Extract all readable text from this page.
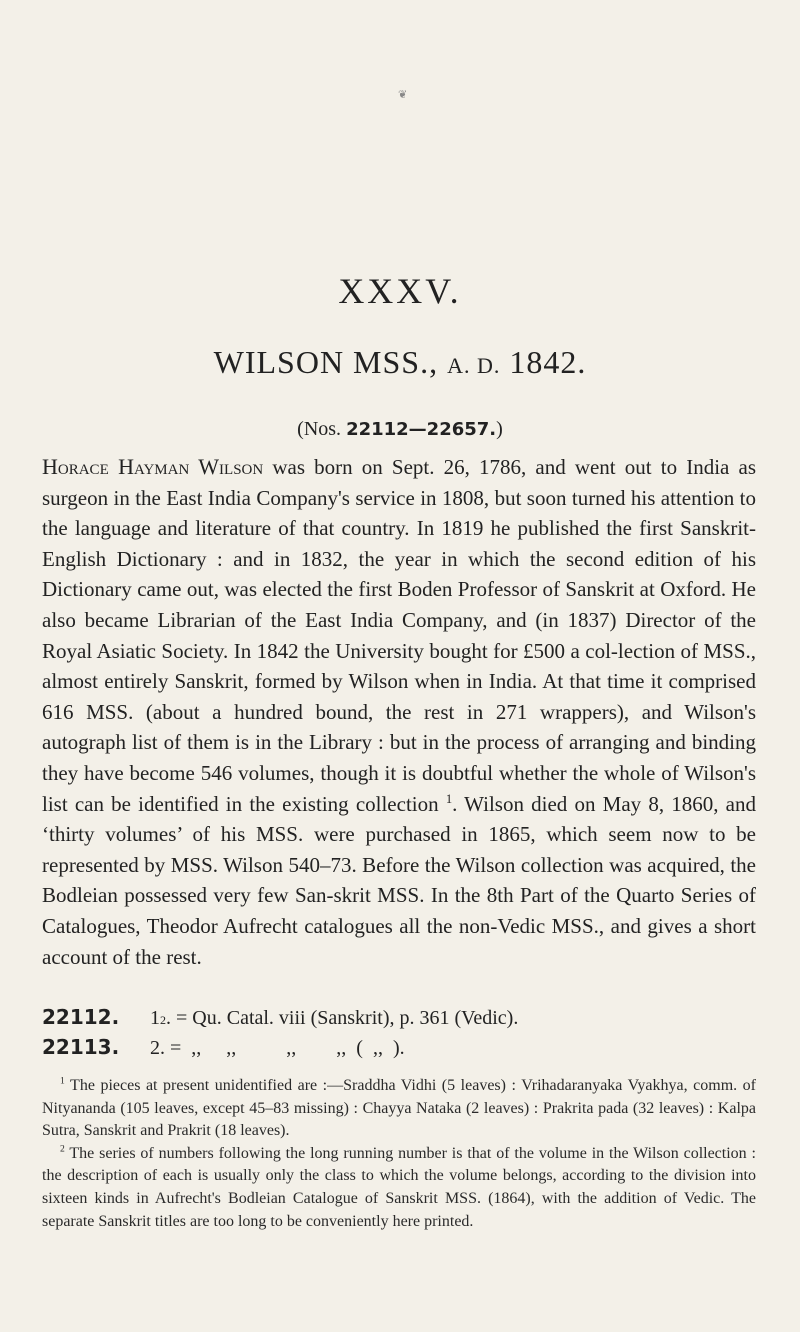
❦
XXXV.
WILSON MSS., A. D. 1842.
(Nos. 22112—22657.)
Horace Hayman Wilson was born on Sept. 26, 1786, and went out to India as surgeon in the East India Company's service in 1808, but soon turned his attention to the language and literature of that country. In 1819 he published the first Sanskrit-English Dictionary : and in 1832, the year in which the second edition of his Dictionary came out, was elected the first Boden Professor of Sanskrit at Oxford. He also became Librarian of the East India Company, and (in 1837) Director of the Royal Asiatic Society. In 1842 the University bought for £500 a col-lection of MSS., almost entirely Sanskrit, formed by Wilson when in India. At that time it comprised 616 MSS. (about a hundred bound, the rest in 271 wrappers), and Wilson's autograph list of them is in the Library : but in the process of arranging and binding they have become 546 volumes, though it is doubtful whether the whole of Wilson's list can be identified in the existing collection $^1$. Wilson died on May 8, 1860, and ‘thirty volumes’ of his MSS. were purchased in 1865, which seem now to be represented by MSS. Wilson 540–73. Before the Wilson collection was acquired, the Bodleian possessed very few San-skrit MSS. In the 8th Part of the Quarto Series of Catalogues, Theodor Aufrecht catalogues all the non-Vedic MSS., and gives a short account of the rest.
22112.	1 2 . = Qu. Catal. viii (Sanskrit), p. 361 (Vedic).
22113.	2. =  ,,     ,,          ,,        ,,  (  ,,  ).

$^1$ The pieces at present unidentified are :—Sraddha Vidhi (5 leaves) : Vrihadaranyaka Vyakhya, comm. of Nityananda (105 leaves, except 45–83 missing) : Chayya Nataka (2 leaves) : Prakrita pada (32 leaves) : Kalpa Sutra, Sanskrit and Prakrit (18 leaves).

$^2$ The series of numbers following the long running number is that of the volume in the Wilson collection : the description of each is usually only the class to which the volume belongs, according to the division into sixteen kinds in Aufrecht's Bodleian Catalogue of Sanskrit MSS. (1864), with the addition of Vedic. The separate Sanskrit titles are too long to be conveniently here printed.
